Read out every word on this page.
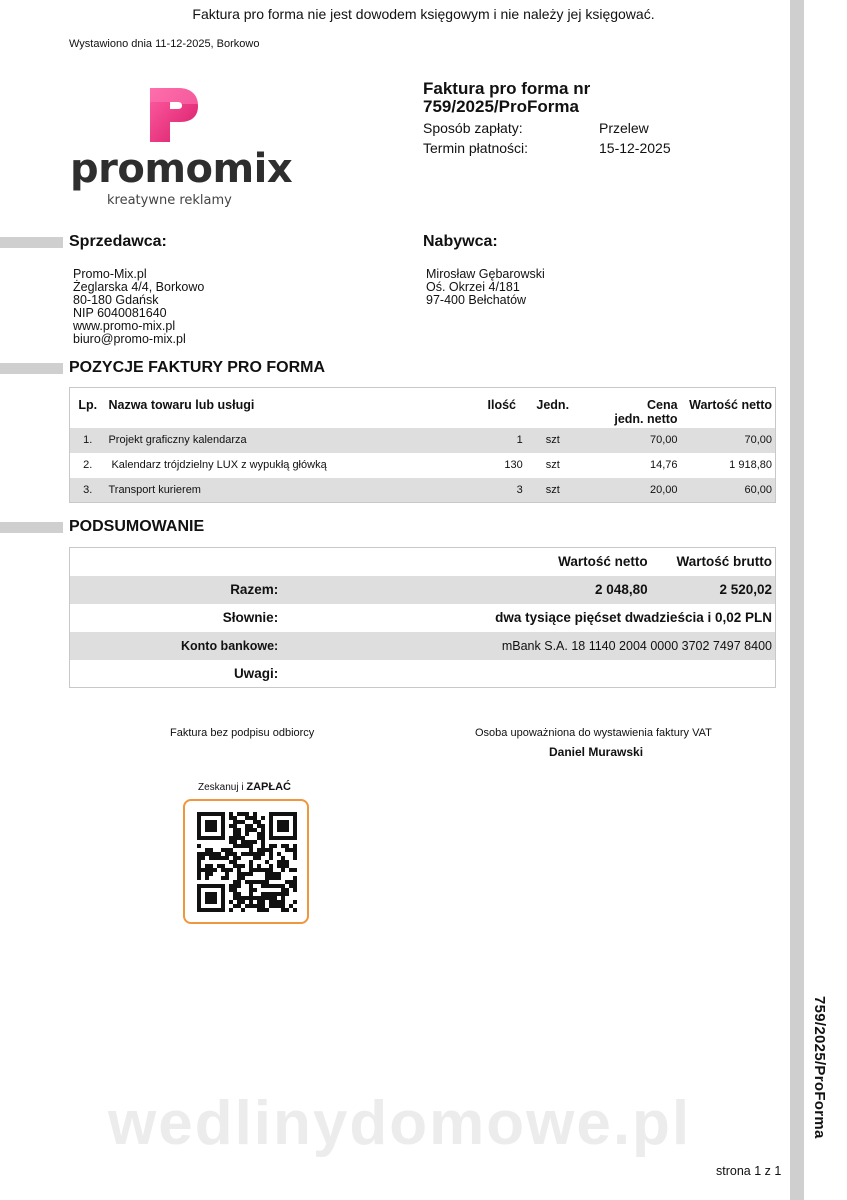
759/2025/ProForma
Faktura pro forma nie jest dowodem księgowym i nie należy jej księgować.
Wystawiono dnia 11-12-2025, Borkowo
promomix
kreatywne reklamy
Faktura pro forma nr
759/2025/ProForma
Sposób zapłaty:	Przelew
Termin płatności:	15-12-2025
Sprzedawca:	Nabywca:
Promo-Mix.pl
Żeglarska 4/4, Borkowo
80-180 Gdańsk
NIP 6040081640
www.promo-mix.pl
biuro@promo-mix.pl
Mirosław Gębarowski
Oś. Okrzei 4/181
97-400 Bełchatów
POZYCJE FAKTURY PRO FORMA
Lp.	Nazwa towaru lub usługi	Ilość	Jedn.	Cena
jedn. netto	Wartość netto
1.	Projekt graficzny kalendarza	1	szt	70,00	70,00
2.	Kalendarz trójdzielny LUX z wypukłą główką	130	szt	14,76	1 918,80
3.	Transport kurierem	3	szt	20,00	60,00
PODSUMOWANIE
	Wartość netto	Wartość brutto
Razem:	2 048,80	2 520,02
Słownie:	dwa tysiące pięćset dwadzieścia i 0,02 PLN	
Konto bankowe:	mBank S.A. 18 1140 2004 0000 3702 7497 8400	
Uwagi:		
Faktura bez podpisu odbiorcy	Osoba upoważniona do wystawienia faktury VAT
Daniel Murawski
Zeskanuj i ZAPŁAĆ
wedlinydomowe.pl
strona 1 z 1
